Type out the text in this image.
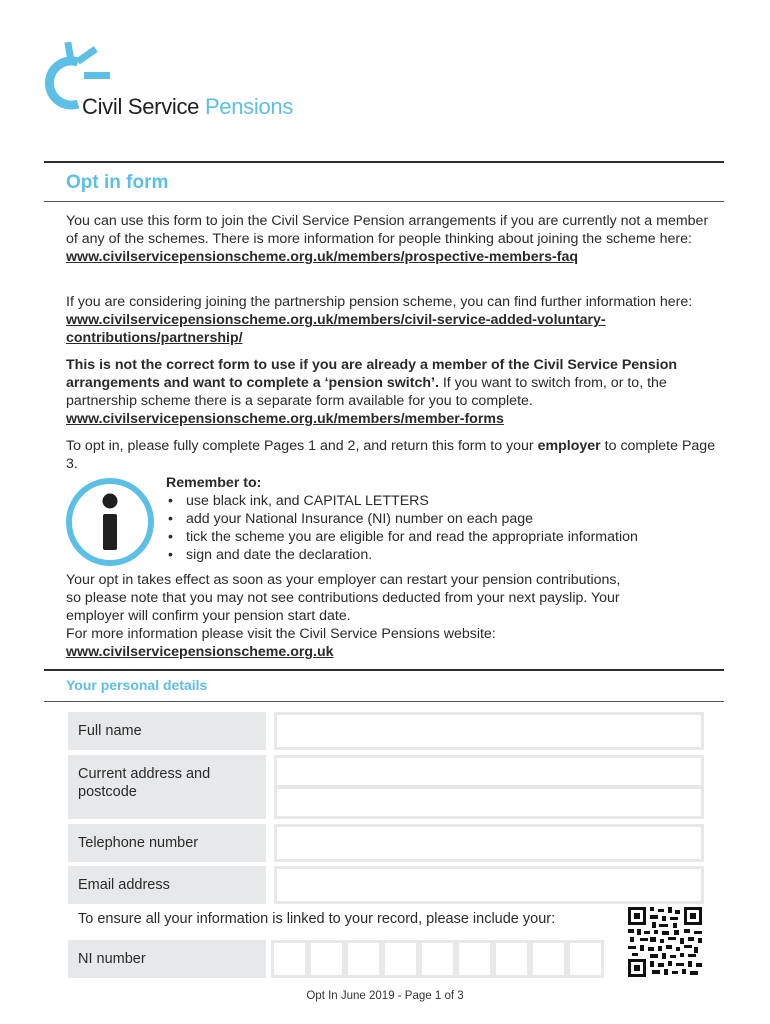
Civil Service Pensions
Opt in form

You can use this form to join the Civil Service Pension arrangements if you are currently not a member of any of the schemes. There is more information for people thinking about joining the scheme here:
www.civilservicepensionscheme.org.uk/members/prospective-members-faq

If you are considering joining the partnership pension scheme, you can find further information here: www.civilservicepensionscheme.org.uk/members/civil-service-added-voluntary-contributions/partnership/

This is not the correct form to use if you are already a member of the Civil Service Pension arrangements and want to complete a ‘pension switch’. If you want to switch from, or to, the partnership scheme there is a separate form available for you to complete.
www.civilservicepensionscheme.org.uk/members/member-forms

To opt in, please fully complete Pages 1 and 2, and return this form to your employer to complete Page 3.

Remember to:
• use black ink, and CAPITAL LETTERS
• add your National Insurance (NI) number on each page
• tick the scheme you are eligible for and read the appropriate information
• sign and date the declaration.

Your opt in takes effect as soon as your employer can restart your pension contributions, so please note that you may not see contributions deducted from your next payslip. Your employer will confirm your pension start date.
For more information please visit the Civil Service Pensions website:
www.civilservicepensionscheme.org.uk

Your personal details
Full name
Current address and postcode
Telephone number
Email address
To ensure all your information is linked to your record, please include your:
NI number
Opt In June 2019 - Page 1 of 3
